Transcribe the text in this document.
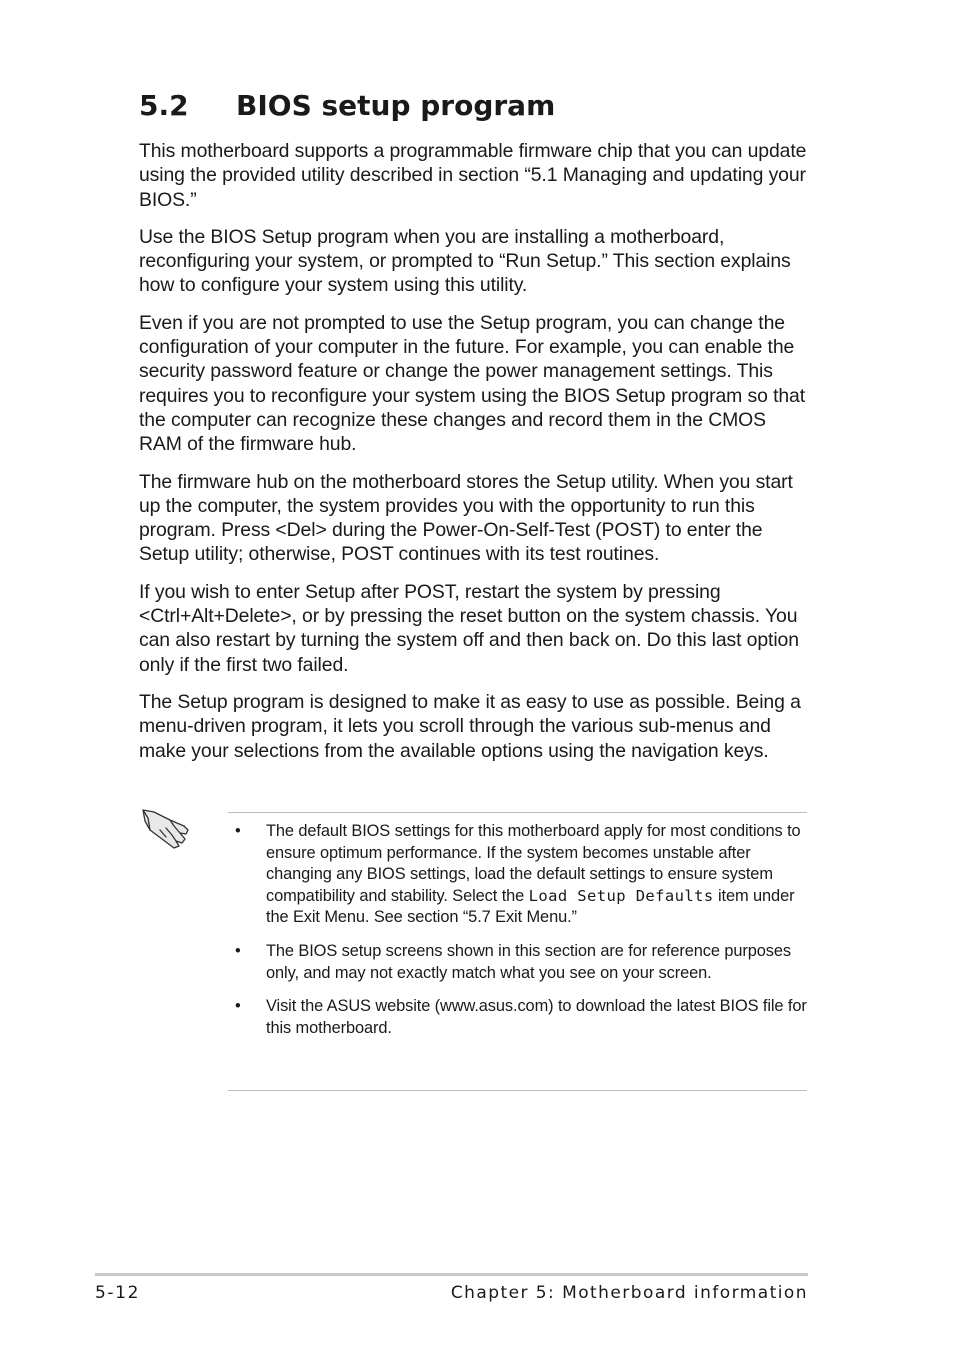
5.2 BIOS setup program

This motherboard supports a programmable firmware chip that you can update using the provided utility described in section “5.1 Managing and updating your BIOS.”

Use the BIOS Setup program when you are installing a motherboard, reconfiguring your system, or prompted to “Run Setup.” This section explains how to configure your system using this utility.

Even if you are not prompted to use the Setup program, you can change the configuration of your computer in the future. For example, you can enable the security password feature or change the power management settings. This requires you to reconfigure your system using the BIOS Setup program so that the computer can recognize these changes and record them in the CMOS RAM of the firmware hub.

The firmware hub on the motherboard stores the Setup utility. When you start up the computer, the system provides you with the opportunity to run this program. Press <Del> during the Power-On-Self-Test (POST) to enter the Setup utility; otherwise, POST continues with its test routines.

If you wish to enter Setup after POST, restart the system by pressing <Ctrl+Alt+Delete>, or by pressing the reset button on the system chassis. You can also restart by turning the system off and then back on. Do this last option only if the first two failed.

The Setup program is designed to make it as easy to use as possible. Being a menu-driven program, it lets you scroll through the various sub-menus and make your selections from the available options using the navigation keys.

• The default BIOS settings for this motherboard apply for most conditions to ensure optimum performance. If the system becomes unstable after changing any BIOS settings, load the default settings to ensure system compatibility and stability. Select the Load Setup Defaults item under the Exit Menu. See section “5.7 Exit Menu.”
• The BIOS setup screens shown in this section are for reference purposes only, and may not exactly match what you see on your screen.
• Visit the ASUS website (www.asus.com) to download the latest BIOS file for this motherboard.
5-12	Chapter 5: Motherboard information
